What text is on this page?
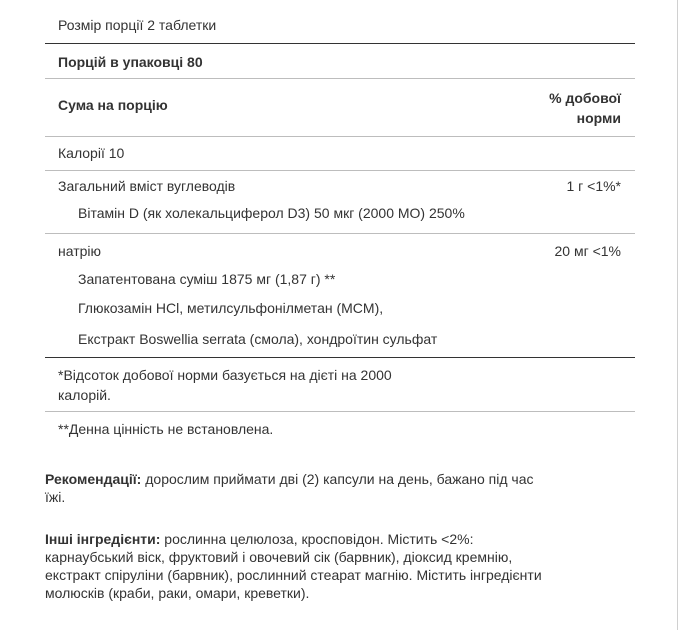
Розмір порції 2 таблетки
Порцій в упаковці 80
Сума на порцію	% добової
норми
Калорії 10
Загальний вміст вуглеводів	1 г <1%*
Вітамін D (як холекальциферол D3) 50 мкг (2000 МО) 250%
натрію	20 мг <1%
Запатентована суміш 1875 мг (1,87 г) **
Глюкозамін HCl, метилсульфонілметан (MCM),
Екстракт Boswellia serrata (смола), хондроїтин сульфат
*Відсоток добової норми базується на дієті на 2000
калорій.
**Денна цінність не встановлена.
Рекомендації: дорослим приймати дві (2) капсули на день, бажано під час
їжі.
Інші інгредієнти: рослинна целюлоза, кросповідон. Містить <2%:
карнаубський віск, фруктовий і овочевий сік (барвник), діоксид кремнію,
екстракт спіруліни (барвник), рослинний стеарат магнію. Містить інгредієнти
молюсків (краби, раки, омари, креветки).
